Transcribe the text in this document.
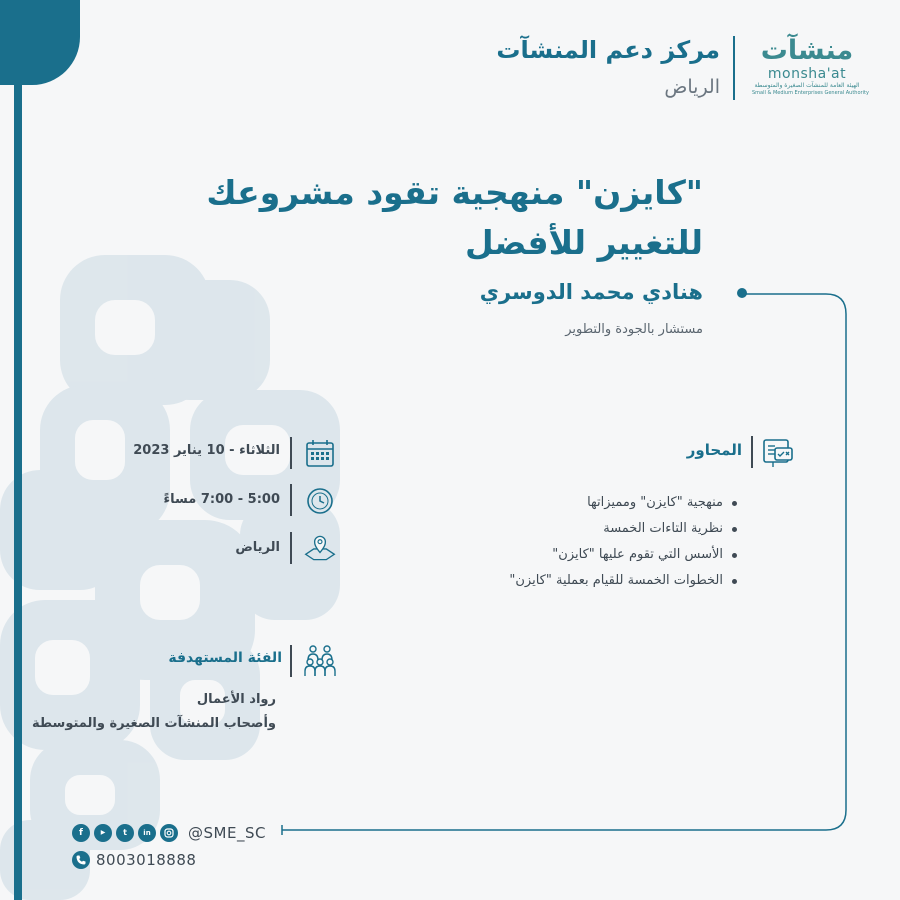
مركز دعم المنشآت
الرياض
منشآت
monsha'at
الهيئة العامة للمنشآت الصغيرة والمتوسطة
Small & Medium Enterprises General Authority
"كايزن" منهجية تقود مشروعك للتغيير للأفضل
هنادي محمد الدوسري
مستشار بالجودة والتطوير
المحاور
منهجية "كايزن" ومميزاتها
نظرية التاءات الخمسة
الأسس التي تقوم عليها "كايزن"
الخطوات الخمسة للقيام بعملية "كايزن"
الثلاثاء - 10 يناير 2023
5:00 - 7:00 مساءً
الرياض
الفئة المستهدفة
رواد الأعمال
وأصحاب المنشآت الصغيرة والمتوسطة
f	▶	t	in	@SME_SC
8003018888
